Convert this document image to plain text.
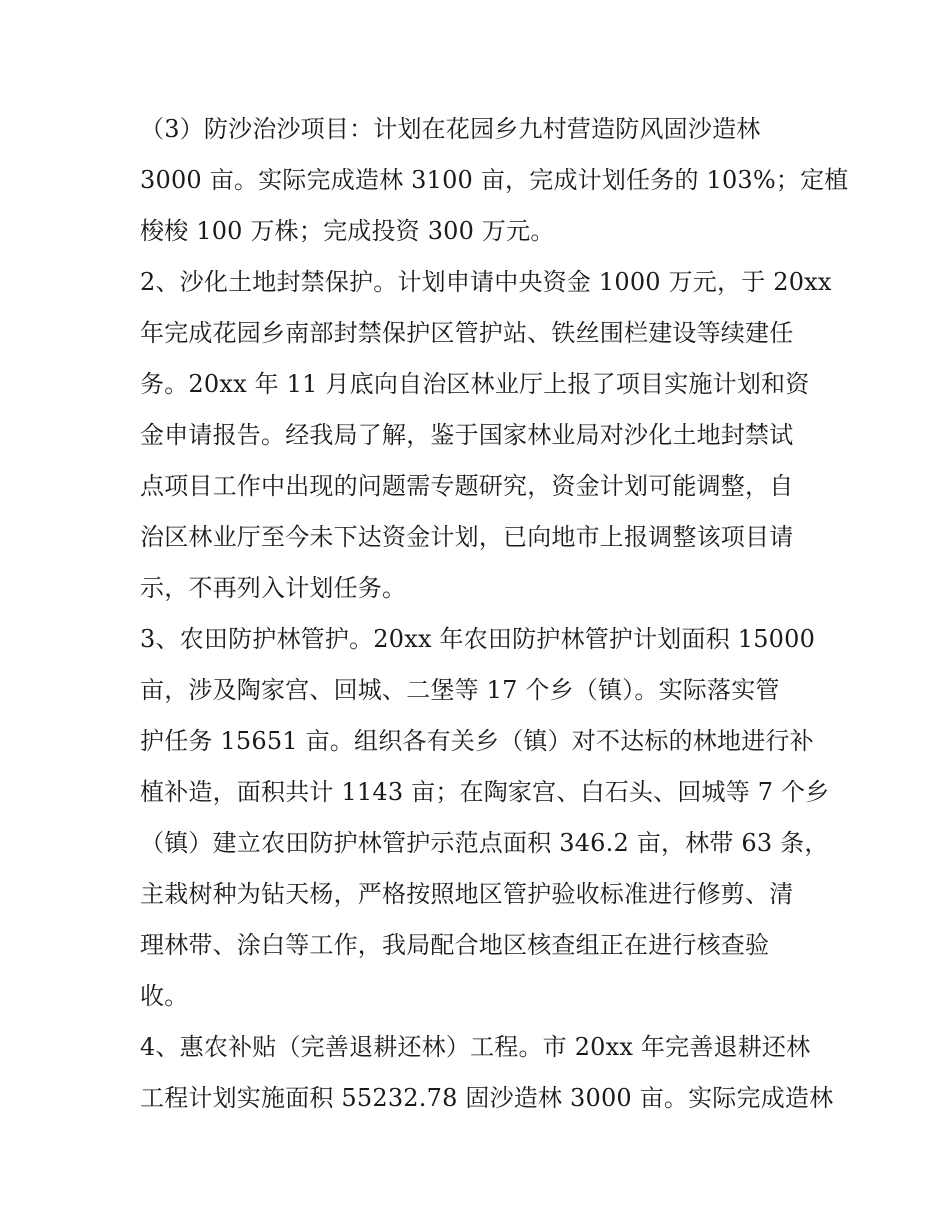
（3）防沙治沙项目：计划在花园乡九村营造防风固沙造林
3000 亩。实际完成造林 3100 亩，完成计划任务的 103%；定植
梭梭 100 万株；完成投资 300 万元。
2、沙化土地封禁保护。计划申请中央资金 1000 万元，于 20xx
年完成花园乡南部封禁保护区管护站、铁丝围栏建设等续建任
务。20xx 年 11 月底向自治区林业厅上报了项目实施计划和资
金申请报告。经我局了解，鉴于国家林业局对沙化土地封禁试
点项目工作中出现的问题需专题研究，资金计划可能调整，自
治区林业厅至今未下达资金计划，已向地市上报调整该项目请
示，不再列入计划任务。
3、农田防护林管护。20xx 年农田防护林管护计划面积 15000
亩，涉及陶家宫、回城、二堡等 17 个乡（镇）。实际落实管
护任务 15651 亩。组织各有关乡（镇）对不达标的林地进行补
植补造，面积共计 1143 亩；在陶家宫、白石头、回城等 7 个乡
（镇）建立农田防护林管护示范点面积 346.2 亩，林带 63 条，
主栽树种为钻天杨，严格按照地区管护验收标准进行修剪、清
理林带、涂白等工作，我局配合地区核查组正在进行核查验
收。
4、惠农补贴（完善退耕还林）工程。市 20xx 年完善退耕还林
工程计划实施面积 55232.78 固沙造林 3000 亩。实际完成造林
